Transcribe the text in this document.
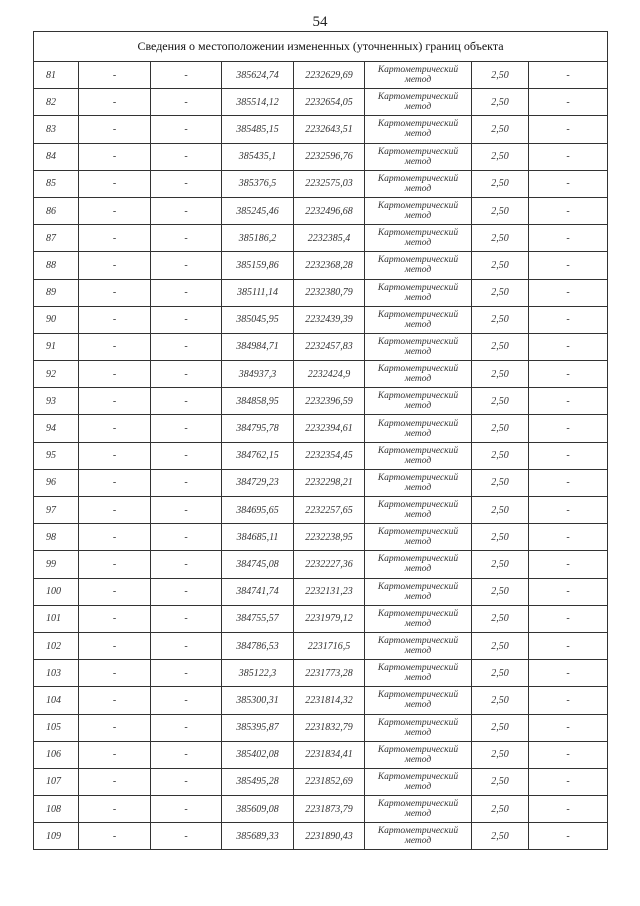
54
Сведения о местоположении измененных (уточненных) границ объекта							
81	-	-	385624,74	2232629,69	Картометрический метод	2,50	-
82	-	-	385514,12	2232654,05	Картометрический метод	2,50	-
83	-	-	385485,15	2232643,51	Картометрический метод	2,50	-
84	-	-	385435,1	2232596,76	Картометрический метод	2,50	-
85	-	-	385376,5	2232575,03	Картометрический метод	2,50	-
86	-	-	385245,46	2232496,68	Картометрический метод	2,50	-
87	-	-	385186,2	2232385,4	Картометрический метод	2,50	-
88	-	-	385159,86	2232368,28	Картометрический метод	2,50	-
89	-	-	385111,14	2232380,79	Картометрический метод	2,50	-
90	-	-	385045,95	2232439,39	Картометрический метод	2,50	-
91	-	-	384984,71	2232457,83	Картометрический метод	2,50	-
92	-	-	384937,3	2232424,9	Картометрический метод	2,50	-
93	-	-	384858,95	2232396,59	Картометрический метод	2,50	-
94	-	-	384795,78	2232394,61	Картометрический метод	2,50	-
95	-	-	384762,15	2232354,45	Картометрический метод	2,50	-
96	-	-	384729,23	2232298,21	Картометрический метод	2,50	-
97	-	-	384695,65	2232257,65	Картометрический метод	2,50	-
98	-	-	384685,11	2232238,95	Картометрический метод	2,50	-
99	-	-	384745,08	2232227,36	Картометрический метод	2,50	-
100	-	-	384741,74	2232131,23	Картометрический метод	2,50	-
101	-	-	384755,57	2231979,12	Картометрический метод	2,50	-
102	-	-	384786,53	2231716,5	Картометрический метод	2,50	-
103	-	-	385122,3	2231773,28	Картометрический метод	2,50	-
104	-	-	385300,31	2231814,32	Картометрический метод	2,50	-
105	-	-	385395,87	2231832,79	Картометрический метод	2,50	-
106	-	-	385402,08	2231834,41	Картометрический метод	2,50	-
107	-	-	385495,28	2231852,69	Картометрический метод	2,50	-
108	-	-	385609,08	2231873,79	Картометрический метод	2,50	-
109	-	-	385689,33	2231890,43	Картометрический метод	2,50	-
